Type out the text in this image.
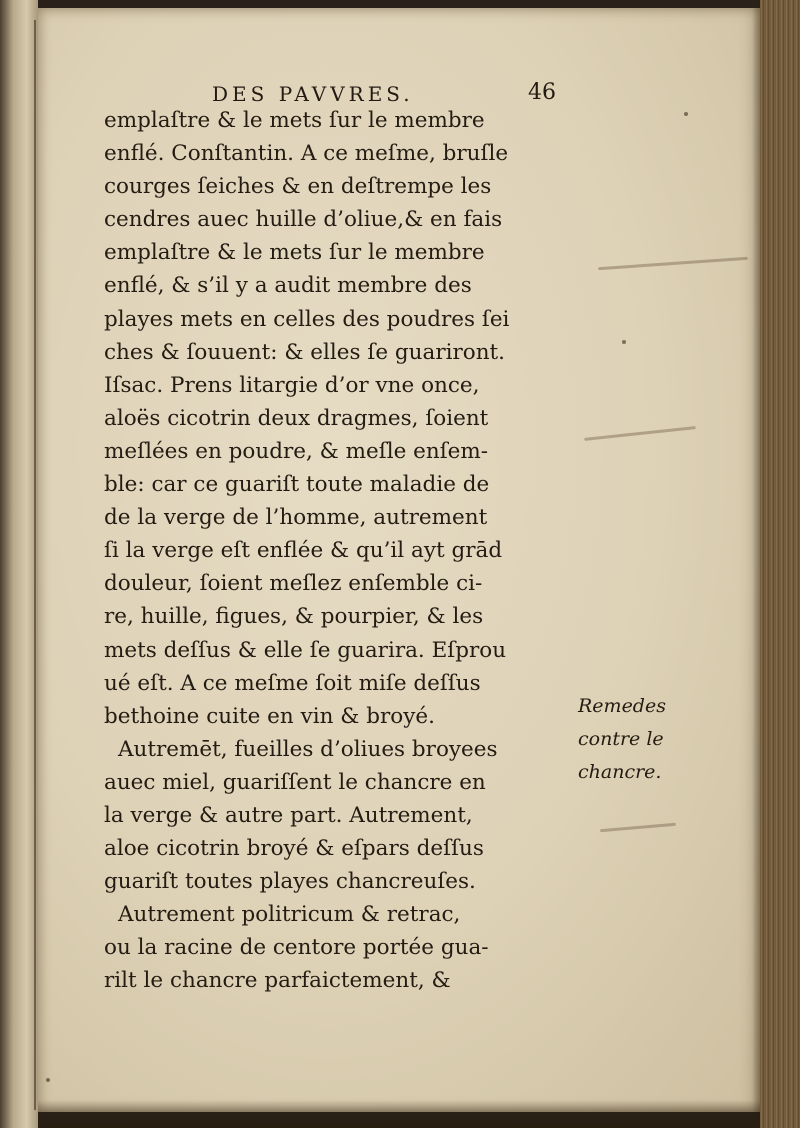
DES PAVVRES.	46
emplaſtre & le mets ſur le membre
enflé. Conſtantin. A ce meſme, bruſle
courges ſeiches & en deſtrempe les
cendres auec huille d’oliue,& en fais
emplaſtre & le mets ſur le membre
enflé, & s’il y a audit membre des
playes mets en celles des poudres ſei
ches & ſouuent: & elles ſe guariront.
Iſsac. Prens litargie d’or vne once,
aloës cicotrin deux dragmes, ſoient
meſlées en poudre, & meſle enſem-
ble: car ce guariſt toute maladie de
de la verge de l’homme, autrement
ſi la verge eſt enflée & qu’il ayt grād
douleur, ſoient meſlez enſemble ci-
re, huille, figues, & pourpier, & les
mets deſſus & elle ſe guarira. Eſprou
ué eſt. A ce meſme ſoit miſe deſſus
bethoine cuite en vin & broyé.
Autremēt, fueilles d’oliues broyees
auec miel, guariſſent le chancre en
la verge & autre part. Autrement,
aloe cicotrin broyé & eſpars deſſus
guariſt toutes playes chancreuſes.
Autrement politricum & retrac,
ou la racine de centore portée gua-
rilt le chancre parfaictement, &
Remedes
contre le
chancre.
